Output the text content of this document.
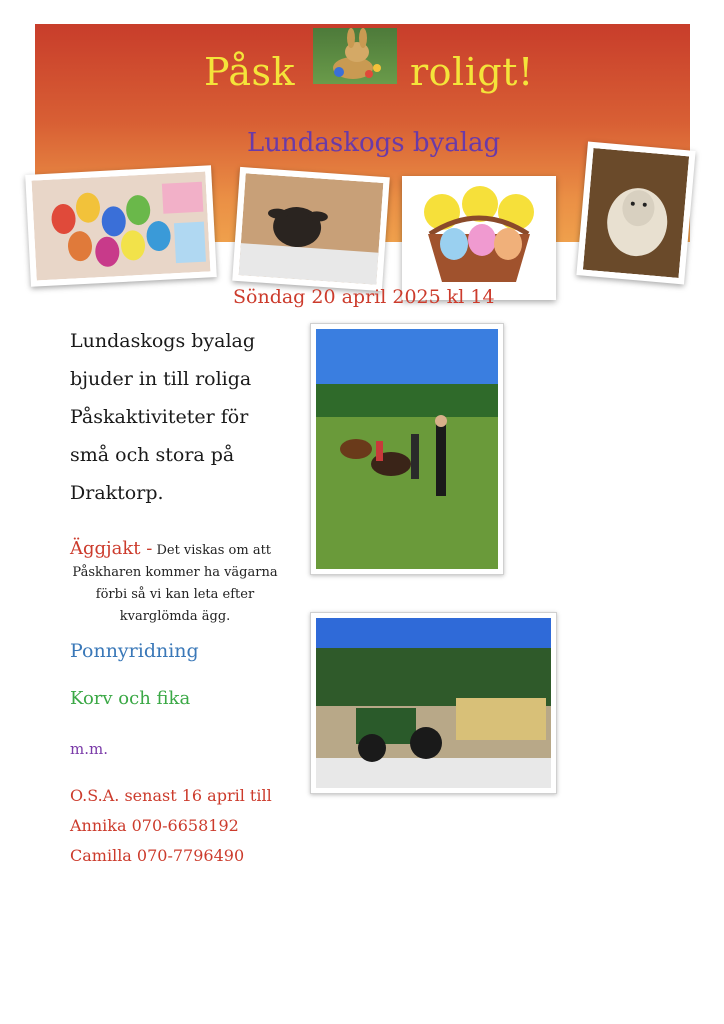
Påsk	roligt!
Lundaskogs byalag
Söndag 20 april 2025 kl 14
Lundaskogs byalag
bjuder in till roliga
Påskaktiviteter för
små och stora på
Draktorp.
Äggjakt - Det viskas om att
Påskharen kommer ha vägarna förbi så vi kan leta efter kvarglömda ägg.
Ponnyridning
Korv och fika
m.m.
O.S.A. senast 16 april till
Annika 070-6658192
Camilla 070-7796490
